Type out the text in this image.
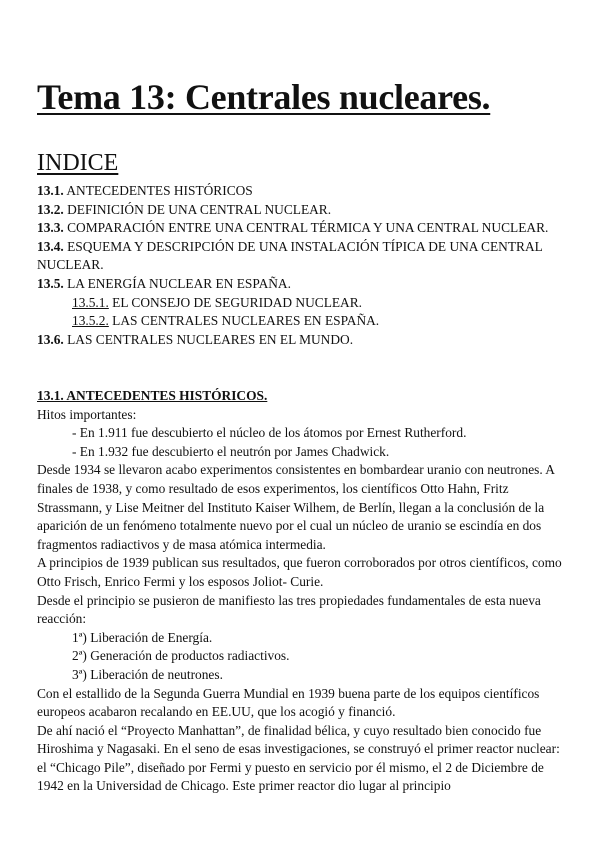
Tema 13: Centrales nucleares.
INDICE

13.1. ANTECEDENTES HISTÓRICOS

13.2. DEFINICIÓN DE UNA CENTRAL NUCLEAR.

13.3. COMPARACIÓN ENTRE UNA CENTRAL TÉRMICA Y UNA CENTRAL NUCLEAR.

13.4. ESQUEMA Y DESCRIPCIÓN DE UNA INSTALACIÓN TÍPICA DE UNA CENTRAL NUCLEAR.

13.5. LA ENERGÍA NUCLEAR EN ESPAÑA.

13.5.1. EL CONSEJO DE SEGURIDAD NUCLEAR.

13.5.2. LAS CENTRALES NUCLEARES EN ESPAÑA.

13.6. LAS CENTRALES NUCLEARES EN EL MUNDO.

13.1. ANTECEDENTES HISTÓRICOS.

Hitos importantes:

- En 1.911 fue descubierto el núcleo de los átomos por Ernest Rutherford.

- En 1.932 fue descubierto el neutrón por James Chadwick.

Desde 1934 se llevaron acabo experimentos consistentes en bombardear uranio con neutrones. A finales de 1938, y como resultado de esos experimentos, los científicos Otto Hahn, Fritz Strassmann, y Lise Meitner del Instituto Kaiser Wilhem, de Berlín, llegan a la conclusión de la aparición de un fenómeno totalmente nuevo por el cual un núcleo de uranio se escindía en dos fragmentos radiactivos y de masa atómica intermedia.

A principios de 1939 publican sus resultados, que fueron corroborados por otros científicos, como Otto Frisch, Enrico Fermi y los esposos Joliot- Curie.

Desde el principio se pusieron de manifiesto las tres propiedades fundamentales de esta nueva reacción:

1ª) Liberación de Energía.

2ª) Generación de productos radiactivos.

3ª) Liberación de neutrones.

Con el estallido de la Segunda Guerra Mundial en 1939 buena parte de los equipos científicos europeos acabaron recalando en EE.UU, que los acogió y financió.

De ahí nació el “Proyecto Manhattan”, de finalidad bélica, y cuyo resultado bien conocido fue Hiroshima y Nagasaki. En el seno de esas investigaciones, se construyó el primer reactor nuclear: el “Chicago Pile”, diseñado por Fermi y puesto en servicio por él mismo, el 2 de Diciembre de 1942 en la Universidad de Chicago. Este primer reactor dio lugar al principio
